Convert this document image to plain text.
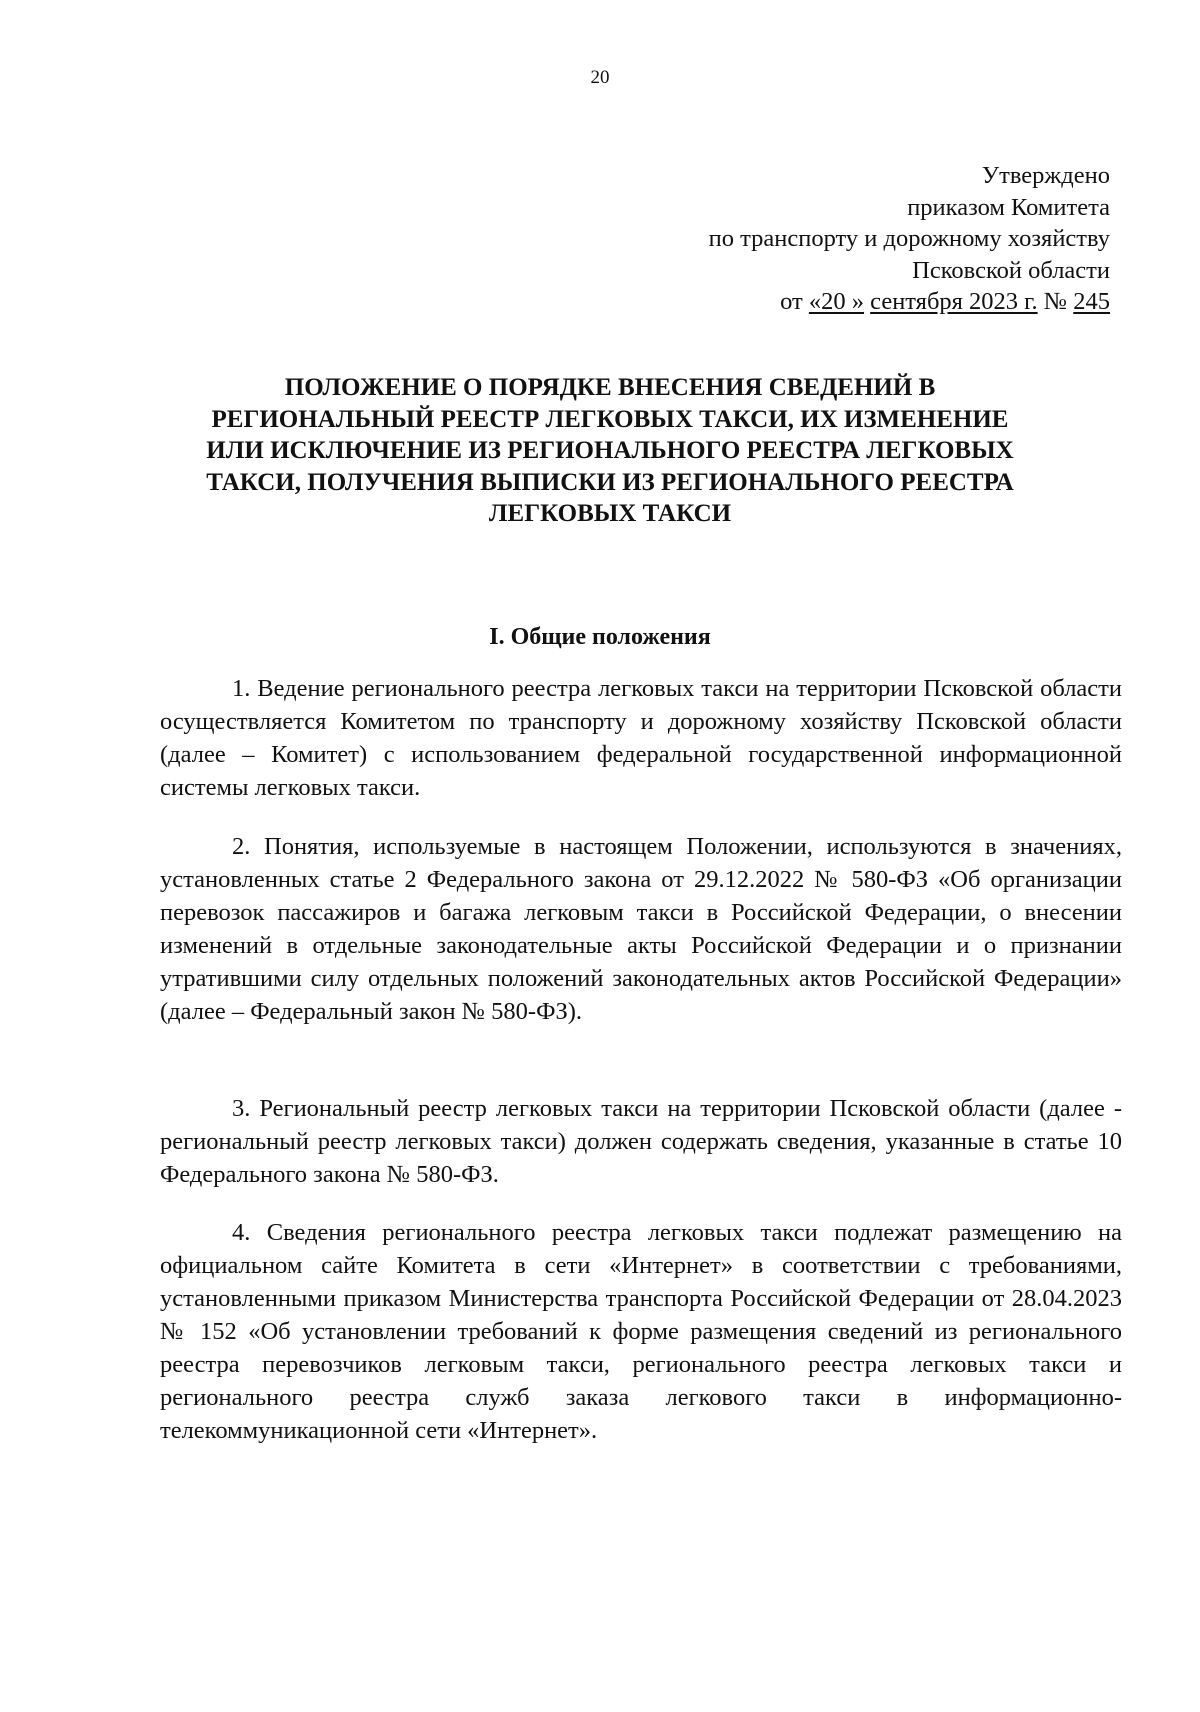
20
Утверждено
приказом Комитета
по транспорту и дорожному хозяйству
Псковской области
от «20 » сентября 2023 г. № 245
ПОЛОЖЕНИЕ О ПОРЯДКЕ ВНЕСЕНИЯ СВЕДЕНИЙ В
РЕГИОНАЛЬНЫЙ РЕЕСТР ЛЕГКОВЫХ ТАКСИ, ИХ ИЗМЕНЕНИЕ
ИЛИ ИСКЛЮЧЕНИЕ ИЗ РЕГИОНАЛЬНОГО РЕЕСТРА ЛЕГКОВЫХ
ТАКСИ, ПОЛУЧЕНИЯ ВЫПИСКИ ИЗ РЕГИОНАЛЬНОГО РЕЕСТРА
ЛЕГКОВЫХ ТАКСИ
I. Общие положения

1. Ведение регионального реестра легковых такси на территории Псковской области осуществляется Комитетом по транспорту и дорожному хозяйству Псковской области (далее – Комитет) с использованием федеральной государственной информационной системы легковых такси.

2. Понятия, используемые в настоящем Положении, используются в значениях, установленных статье 2 Федерального закона от 29.12.2022 № 580-ФЗ «Об организации перевозок пассажиров и багажа легковым такси в Российской Федерации, о внесении изменений в отдельные законодательные акты Российской Федерации и о признании утратившими силу отдельных положений законодательных актов Российской Федерации» (далее – Федеральный закон № 580-ФЗ).

3. Региональный реестр легковых такси на территории Псковской области (далее - региональный реестр легковых такси) должен содержать сведения, указанные в статье 10 Федерального закона № 580-ФЗ.

4. Сведения регионального реестра легковых такси подлежат размещению на официальном сайте Комитета в сети «Интернет» в соответствии с требованиями, установленными приказом Министерства транспорта Российской Федерации от 28.04.2023 № 152 «Об установлении требований к форме размещения сведений из регионального реестра перевозчиков легковым такси, регионального реестра легковых такси и регионального реестра служб заказа легкового такси в информационно-телекоммуникационной сети «Интернет».
